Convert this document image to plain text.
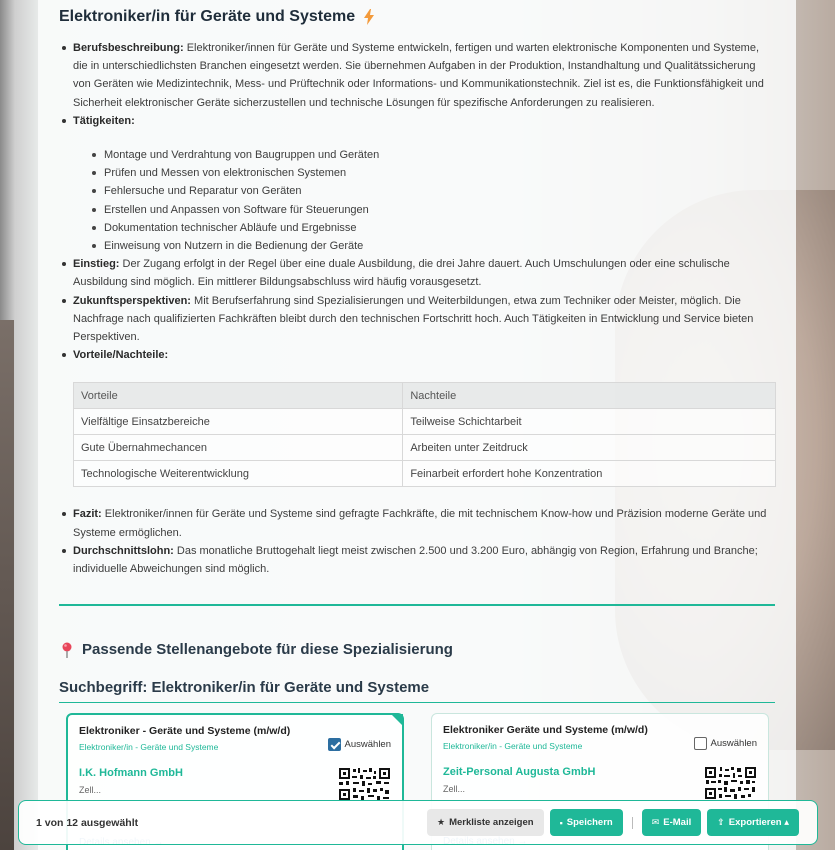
Elektroniker/in für Geräte und Systeme
Berufsbeschreibung: Elektroniker/innen für Geräte und Systeme entwickeln, fertigen und warten elektronische Komponenten und Systeme, die in unterschiedlichsten Branchen eingesetzt werden. Sie übernehmen Aufgaben in der Produktion, Instandhaltung und Qualitätssicherung von Geräten wie Medizintechnik, Mess- und Prüftechnik oder Informations- und Kommunikationstechnik. Ziel ist es, die Funktionsfähigkeit und Sicherheit elektronischer Geräte sicherzustellen und technische Lösungen für spezifische Anforderungen zu realisieren.
Tätigkeiten:
Montage und Verdrahtung von Baugruppen und Geräten
Prüfen und Messen von elektronischen Systemen
Fehlersuche und Reparatur von Geräten
Erstellen und Anpassen von Software für Steuerungen
Dokumentation technischer Abläufe und Ergebnisse
Einweisung von Nutzern in die Bedienung der Geräte
Einstieg: Der Zugang erfolgt in der Regel über eine duale Ausbildung, die drei Jahre dauert. Auch Umschulungen oder eine schulische Ausbildung sind möglich. Ein mittlerer Bildungsabschluss wird häufig vorausgesetzt.
Zukunftsperspektiven: Mit Berufserfahrung sind Spezialisierungen und Weiterbildungen, etwa zum Techniker oder Meister, möglich. Die Nachfrage nach qualifizierten Fachkräften bleibt durch den technischen Fortschritt hoch. Auch Tätigkeiten in Entwicklung und Service bieten Perspektiven.
Vorteile/Nachteile:
Vorteile	Nachteile
Vielfältige Einsatzbereiche	Teilweise Schichtarbeit
Gute Übernahmechancen	Arbeiten unter Zeitdruck
Technologische Weiterentwicklung	Feinarbeit erfordert hohe Konzentration
Fazit: Elektroniker/innen für Geräte und Systeme sind gefragte Fachkräfte, die mit technischem Know-how und Präzision moderne Geräte und Systeme ermöglichen.
Durchschnittslohn: Das monatliche Bruttogehalt liegt meist zwischen 2.500 und 3.200 Euro, abhängig von Region, Erfahrung und Branche; individuelle Abweichungen sind möglich.
Passende Stellenangebote für diese Spezialisierung
Suchbegriff: Elektroniker/in für Geräte und Systeme
Elektroniker - Geräte und Systeme (m/w/d)
Elektroniker/in - Geräte und Systeme
I.K. Hofmann GmbH
Zell...
Auswählen
Elektroniker Geräte und Systeme (m/w/d)
Elektroniker/in - Geräte und Systeme
Zeit-Personal Augusta GmbH
Zell...
Auswählen
1 von 12 ausgewählt	★ Merkliste anzeigen	▪ Speichern	✉ E-Mail	⇪ Exportieren ▴
